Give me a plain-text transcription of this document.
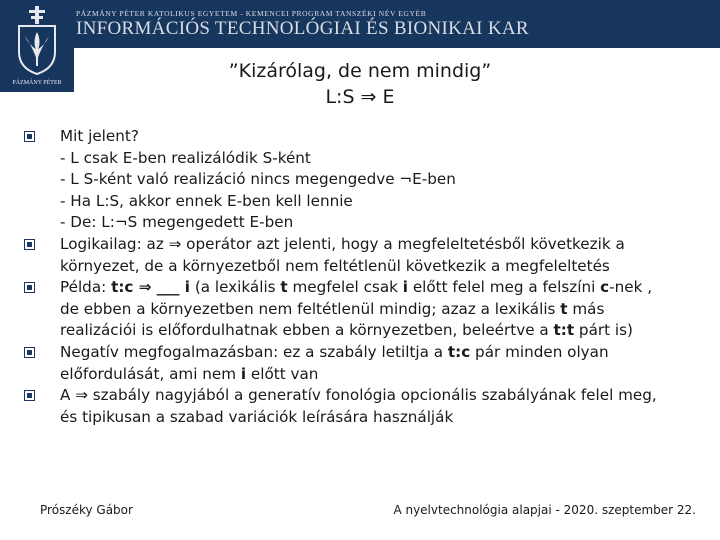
PÁZMÁNY PÉTER KATOLIKUS EGYETEM - KEMENCEI PROGRAM TANSZÉKI NÉV EGYÉB
INFORMÁCIÓS TECHNOLÓGIAI ÉS BIONIKAI KAR
PÁZMÁNY PÉTER
”Kizárólag, de nem mindig”
L:S ⇒ E
Mit jelent?
- L csak E-ben realizálódik S-ként
- L S-ként való realizáció nincs megengedve ¬E-ben
- Ha L:S, akkor ennek E-ben kell lennie
- De: L:¬S megengedett E-ben
Logikailag: az ⇒ operátor azt jelenti, hogy a megfeleltetésből következik a
környezet, de a környezetből nem feltétlenül következik a megfeleltetés
Példa: t:c ⇒ ___ i (a lexikális t megfelel csak i előtt felel meg a felszíni c-nek ,
de ebben a környezetben nem feltétlenül mindig; azaz a lexikális t más
realizációi is előfordulhatnak ebben a környezetben, beleértve a t:t párt is)
Negatív megfogalmazásban: ez a szabály letiltja a t:c pár minden olyan
előfordulását, ami nem i előtt van
A ⇒ szabály nagyjából a generatív fonológia opcionális szabályának felel meg,
és tipikusan a szabad variációk leírására használják
Prószéky Gábor	A nyelvtechnológia alapjai - 2020. szeptember 22.
